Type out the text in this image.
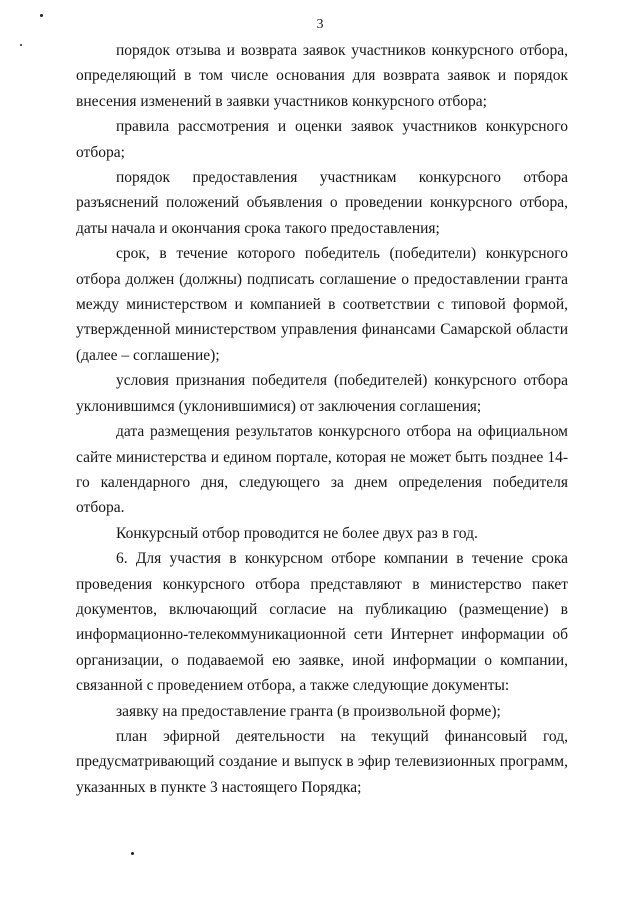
3

порядок отзыва и возврата заявок участников конкурсного отбора, определяющий в том числе основания для возврата заявок и порядок внесения изменений в заявки участников конкурсного отбора;

правила рассмотрения и оценки заявок участников конкурсного отбора;

порядок предоставления участникам конкурсного отбора разъяснений положений объявления о проведении конкурсного отбора, даты начала и окончания срока такого предоставления;

срок, в течение которого победитель (победители) конкурсного отбора должен (должны) подписать соглашение о предоставлении гранта между министерством и компанией в соответствии с типовой формой, утвержденной министерством управления финансами Самарской области (далее – соглашение);

условия признания победителя (победителей) конкурсного отбора уклонившимся (уклонившимися) от заключения соглашения;

дата размещения результатов конкурсного отбора на официальном сайте министерства и едином портале, которая не может быть позднее 14-го календарного дня, следующего за днем определения победителя отбора.

Конкурсный отбор проводится не более двух раз в год.

6. Для участия в конкурсном отборе компании в течение срока проведения конкурсного отбора представляют в министерство пакет документов, включающий согласие на публикацию (размещение) в информационно-телекоммуникационной сети Интернет информации об организации, о подаваемой ею заявке, иной информации о компании, связанной с проведением отбора, а также следующие документы:

заявку на предоставление гранта (в произвольной форме);

план эфирной деятельности на текущий финансовый год, предусматривающий создание и выпуск в эфир телевизионных программ, указанных в пункте 3 настоящего Порядка;
